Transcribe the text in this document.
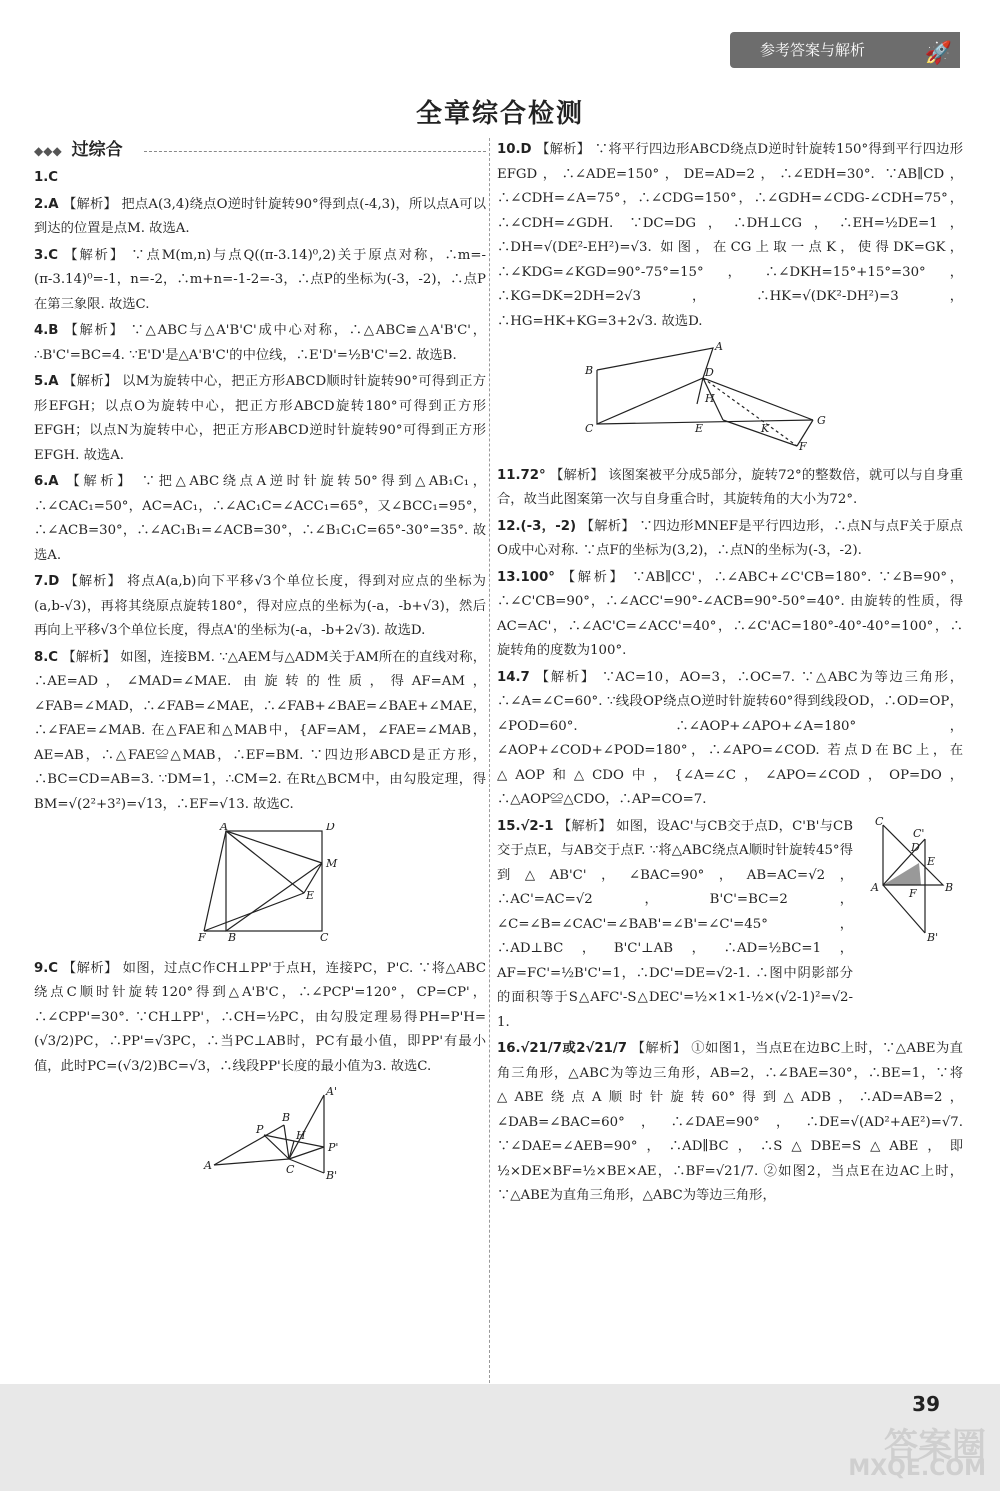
参考答案与解析	🚀
全章综合检测
◆◆◆ 过综合
1.C
2.A 【解析】 把点A(3,4)绕点O逆时针旋转90°得到点(-4,3)，所以点A可以到达的位置是点M. 故选A.
3.C 【解析】 ∵点M(m,n)与点Q((π-3.14)⁰,2)关于原点对称，∴m=-(π-3.14)⁰=-1，n=-2，∴m+n=-1-2=-3，∴点P的坐标为(-3，-2)，∴点P在第三象限. 故选C.
4.B 【解析】 ∵△ABC与△A'B'C'成中心对称，∴△ABC≌△A'B'C'，∴B'C'=BC=4. ∵E'D'是△A'B'C'的中位线，∴E'D'=½B'C'=2. 故选B.
5.A 【解析】 以M为旋转中心，把正方形ABCD顺时针旋转90°可得到正方形EFGH；以点O为旋转中心，把正方形ABCD旋转180°可得到正方形EFGH；以点N为旋转中心，把正方形ABCD逆时针旋转90°可得到正方形EFGH. 故选A.
6.A 【解析】 ∵把△ABC绕点A逆时针旋转50°得到△AB₁C₁，∴∠CAC₁=50°，AC=AC₁，∴∠AC₁C=∠ACC₁=65°，又∠BCC₁=95°，∴∠ACB=30°，∴∠AC₁B₁=∠ACB=30°，∴∠B₁C₁C=65°-30°=35°. 故选A.
7.D 【解析】 将点A(a,b)向下平移√3个单位长度，得到对应点的坐标为(a,b-√3)，再将其绕原点旋转180°，得对应点的坐标为(-a，-b+√3)，然后再向上平移√3个单位长度，得点A'的坐标为(-a，-b+2√3). 故选D.
8.C 【解析】 如图，连接BM. ∵△AEM与△ADM关于AM所在的直线对称，∴AE=AD，∠MAD=∠MAE. 由旋转的性质，得AF=AM，∠FAB=∠MAD，∴∠FAB=∠MAE，∴∠FAB+∠BAE=∠BAE+∠MAE，∴∠FAE=∠MAB. 在△FAE和△MAB中，{AF=AM，∠FAE=∠MAB，AE=AB，∴△FAE≌△MAB，∴EF=BM. ∵四边形ABCD是正方形，∴BC=CD=AB=3. ∵DM=1，∴CM=2. 在Rt△BCM中，由勾股定理，得BM=√(2²+3²)=√13，∴EF=√13. 故选C.
A	D
M
E
F B	C
9.C 【解析】 如图，过点C作CH⊥PP'于点H，连接PC，P'C. ∵将△ABC绕点C顺时针旋转120°得到△A'B'C，∴∠PCP'=120°，CP=CP'，∴∠CPP'=30°. ∵CH⊥PP'，∴CH=½PC，由勾股定理易得PH=P'H=(√3/2)PC，∴PP'=√3PC，∴当PC⊥AB时，PC有最小值，即PP'有最小值，此时PC=(√3/2)BC=√3，∴线段PP'长度的最小值为3. 故选C.
A
B
P	H
C
A'
P'
B'
10.D 【解析】 ∵将平行四边形ABCD绕点D逆时针旋转150°得到平行四边形EFGD，∴∠ADE=150°，DE=AD=2，∴∠EDH=30°. ∵AB∥CD，∴∠CDH=∠A=75°，∴∠CDG=150°，∴∠GDH=∠CDG-∠CDH=75°，∴∠CDH=∠GDH. ∵DC=DG，∴DH⊥CG，∴EH=½DE=1，∴DH=√(DE²-EH²)=√3. 如图，在CG上取一点K，使得DK=GK，∴∠KDG=∠KGD=90°-75°=15°，∴∠DKH=15°+15°=30°，∴KG=DK=2DH=2√3，∴HK=√(DK²-DH²)=3，∴HG=HK+KG=3+2√3. 故选D.
A
B	D
H
C	E	K
G
F
11.72° 【解析】 该图案被平分成5部分，旋转72°的整数倍，就可以与自身重合，故当此图案第一次与自身重合时，其旋转角的大小为72°.
12.(-3，-2) 【解析】 ∵四边形MNEF是平行四边形，∴点N与点F关于原点O成中心对称. ∵点F的坐标为(3,2)，∴点N的坐标为(-3，-2).
13.100° 【解析】 ∵AB∥CC'，∴∠ABC+∠C'CB=180°. ∵∠B=90°，∴∠C'CB=90°，∴∠ACC'=90°-∠ACB=90°-50°=40°. 由旋转的性质，得AC=AC'，∴∠AC'C=∠ACC'=40°，∴∠C'AC=180°-40°-40°=100°，∴旋转角的度数为100°.
14.7 【解析】 ∵AC=10，AO=3，∴OC=7. ∵△ABC为等边三角形，∴∠A=∠C=60°. ∵线段OP绕点O逆时针旋转60°得到线段OD，∴OD=OP，∠POD=60°. ∴∠AOP+∠APO+∠A=180°，∠AOP+∠COD+∠POD=180°，∴∠APO=∠COD. 若点D在BC上，在△AOP和△CDO中，{∠A=∠C，∠APO=∠COD，OP=DO，∴△AOP≌△CDO，∴AP=CO=7.
15.√2-1 【解析】 如图，设AC'与CB交于点D，C'B'与CB交于点E，与AB交于点F. ∵将△ABC绕点A顺时针旋转45°得到△AB'C'，∠BAC=90°，AB=AC=√2，∴AC'=AC=√2，B'C'=BC=2，∠C=∠B=∠CAC'=∠BAB'=∠B'=∠C'=45°，∴AD⊥BC，B'C'⊥AB，∴AD=½BC=1，AF=FC'=½B'C'=1，∴DC'=DE=√2-1. ∴图中阴影部分的面积等于S△AFC'-S△DEC'=½×1×1-½×(√2-1)²=√2-1.
C
C'
D
E
A	F	B
B'
16.√21/7或2√21/7 【解析】 ①如图1，当点E在边BC上时，∵△ABE为直角三角形，△ABC为等边三角形，AB=2，∴∠BAE=30°，∴BE=1，∵将△ABE绕点A顺时针旋转60°得到△ADB，∴AD=AB=2，∠DAB=∠BAC=60°，∴∠DAE=90°，∴DE=√(AD²+AE²)=√7. ∵∠DAE=∠AEB=90°，∴AD∥BC，∴S△DBE=S△ABE，即½×DE×BF=½×BE×AE，∴BF=√21/7. ②如图2，当点E在边AC上时，∵△ABE为直角三角形，△ABC为等边三角形，
39
答案圈
MXQE.COM
